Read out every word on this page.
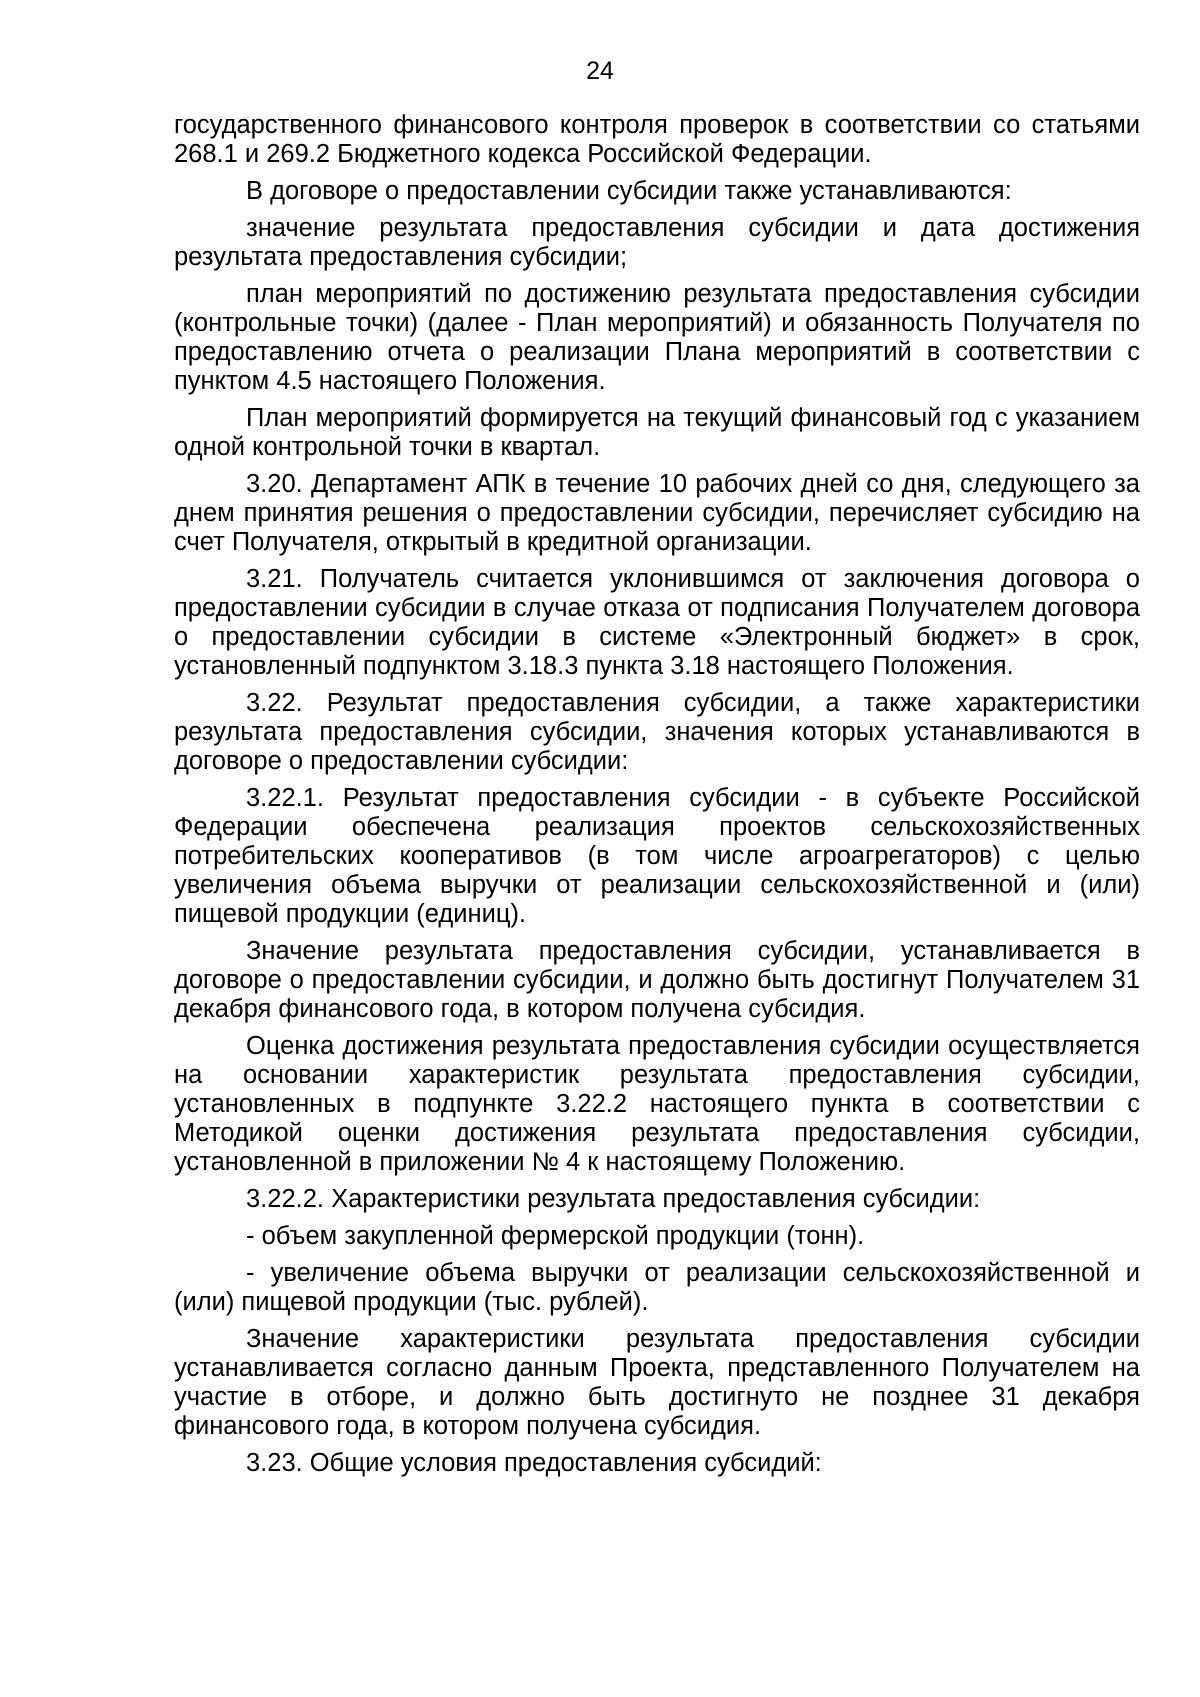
24

государственного финансового контроля проверок в соответствии со статьями 268.1 и 269.2 Бюджетного кодекса Российской Федерации.

В договоре о предоставлении субсидии также устанавливаются:

значение результата предоставления субсидии и дата достижения результата предоставления субсидии;

план мероприятий по достижению результата предоставления субсидии (контрольные точки) (далее - План мероприятий) и обязанность Получателя по предоставлению отчета о реализации Плана мероприятий в соответствии с пунктом 4.5 настоящего Положения.

План мероприятий формируется на текущий финансовый год с указанием одной контрольной точки в квартал.

3.20. Департамент АПК в течение 10 рабочих дней со дня, следующего за днем принятия решения о предоставлении субсидии, перечисляет субсидию на счет Получателя, открытый в кредитной организации.

3.21. Получатель считается уклонившимся от заключения договора о предоставлении субсидии в случае отказа от подписания Получателем договора о предоставлении субсидии в системе «Электронный бюджет» в срок, установленный подпунктом 3.18.3 пункта 3.18 настоящего Положения.

3.22. Результат предоставления субсидии, а также характеристики результата предоставления субсидии, значения которых устанавливаются в договоре о предоставлении субсидии:

3.22.1. Результат предоставления субсидии - в субъекте Российской Федерации обеспечена реализация проектов сельскохозяйственных потребительских кооперативов (в том числе агроагрегаторов) с целью увеличения объема выручки от реализации сельскохозяйственной и (или) пищевой продукции (единиц).

Значение результата предоставления субсидии, устанавливается в договоре о предоставлении субсидии, и должно быть достигнут Получателем 31 декабря финансового года, в котором получена субсидия.

Оценка достижения результата предоставления субсидии осуществляется на основании характеристик результата предоставления субсидии, установленных в подпункте 3.22.2 настоящего пункта в соответствии с Методикой оценки достижения результата предоставления субсидии, установленной в приложении № 4 к настоящему Положению.

3.22.2. Характеристики результата предоставления субсидии:

- объем закупленной фермерской продукции (тонн).

- увеличение объема выручки от реализации сельскохозяйственной и (или) пищевой продукции (тыс. рублей).

Значение характеристики результата предоставления субсидии устанавливается согласно данным Проекта, представленного Получателем на участие в отборе, и должно быть достигнуто не позднее 31 декабря финансового года, в котором получена субсидия.

3.23. Общие условия предоставления субсидий:
